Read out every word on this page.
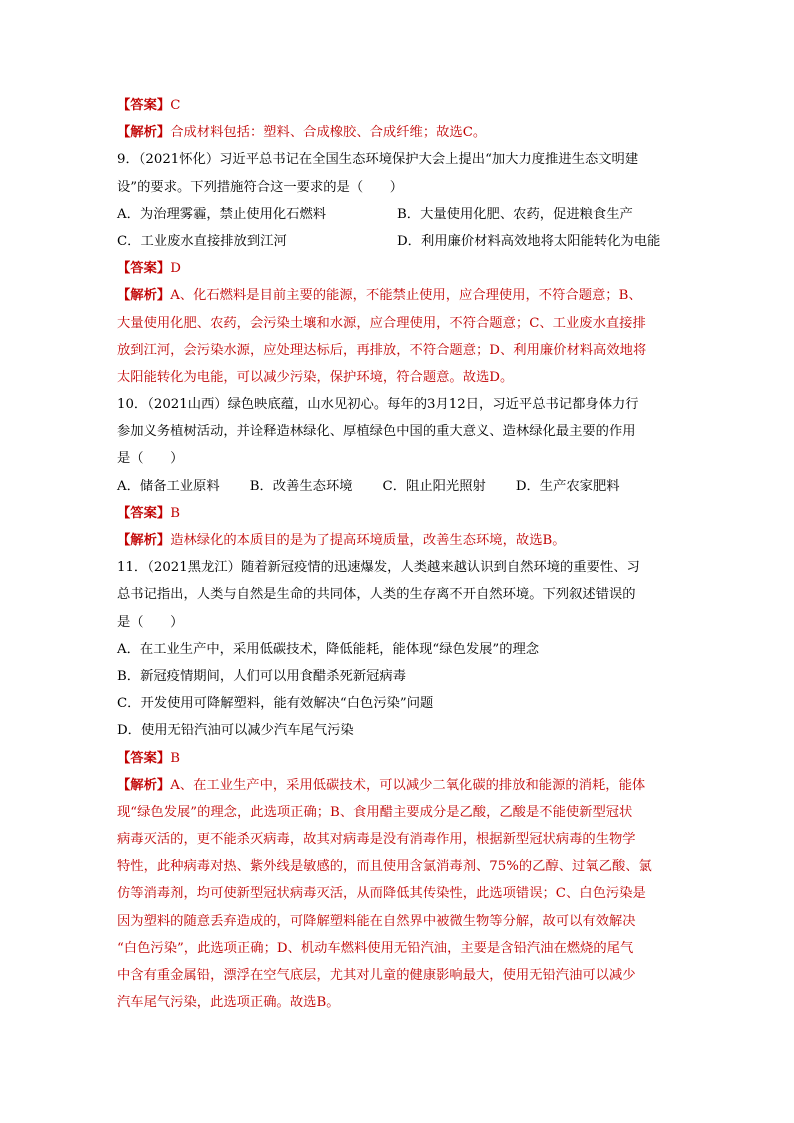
【答案】C
【解析】合成材料包括：塑料、合成橡胶、合成纤维；故选C。
9．（2021怀化）习近平总书记在全国生态环境保护大会上提出“加大力度推进生态文明建
设”的要求。下列措施符合这一要求的是（　　）
A．为治理雾霾，禁止使用化石燃料	B．大量使用化肥、农药，促进粮食生产
C．工业废水直接排放到江河	D．利用廉价材料高效地将太阳能转化为电能
【答案】D
【解析】A、化石燃料是目前主要的能源，不能禁止使用，应合理使用，不符合题意；B、
大量使用化肥、农药，会污染土壤和水源，应合理使用，不符合题意；C、工业废水直接排
放到江河，会污染水源，应处理达标后，再排放，不符合题意；D、利用廉价材料高效地将
太阳能转化为电能，可以减少污染，保护环境，符合题意。故选D。
10．（2021山西）绿色映底蕴，山水见初心。每年的3月12日，习近平总书记都身体力行
参加义务植树活动，并诠释造林绿化、厚植绿色中国的重大意义、造林绿化最主要的作用
是（　　）
A．储备工业原料 B．改善生态环境 C．阻止阳光照射 D．生产农家肥料
【答案】B
【解析】造林绿化的本质目的是为了提高环境质量，改善生态环境，故选B。
11．（2021黑龙江）随着新冠疫情的迅速爆发，人类越来越认识到自然环境的重要性、习
总书记指出，人类与自然是生命的共同体，人类的生存离不开自然环境。下列叙述错误的
是（　　）
A．在工业生产中，采用低碳技术，降低能耗，能体现“绿色发展”的理念
B．新冠疫情期间，人们可以用食醋杀死新冠病毒
C．开发使用可降解塑料，能有效解决“白色污染”问题
D．使用无铅汽油可以减少汽车尾气污染
【答案】B
【解析】A、在工业生产中，采用低碳技术，可以减少二氧化碳的排放和能源的消耗，能体
现“绿色发展”的理念，此选项正确；B、食用醋主要成分是乙酸，乙酸是不能使新型冠状
病毒灭活的，更不能杀灭病毒，故其对病毒是没有消毒作用，根据新型冠状病毒的生物学
特性，此种病毒对热、紫外线是敏感的，而且使用含氯消毒剂、75%的乙醇、过氧乙酸、氯
仿等消毒剂，均可使新型冠状病毒灭活，从而降低其传染性，此选项错误；C、白色污染是
因为塑料的随意丢弃造成的，可降解塑料能在自然界中被微生物等分解，故可以有效解决
“白色污染”，此选项正确；D、机动车燃料使用无铅汽油，主要是含铅汽油在燃烧的尾气
中含有重金属铅，漂浮在空气底层，尤其对儿童的健康影响最大，使用无铅汽油可以减少
汽车尾气污染，此选项正确。故选B。
